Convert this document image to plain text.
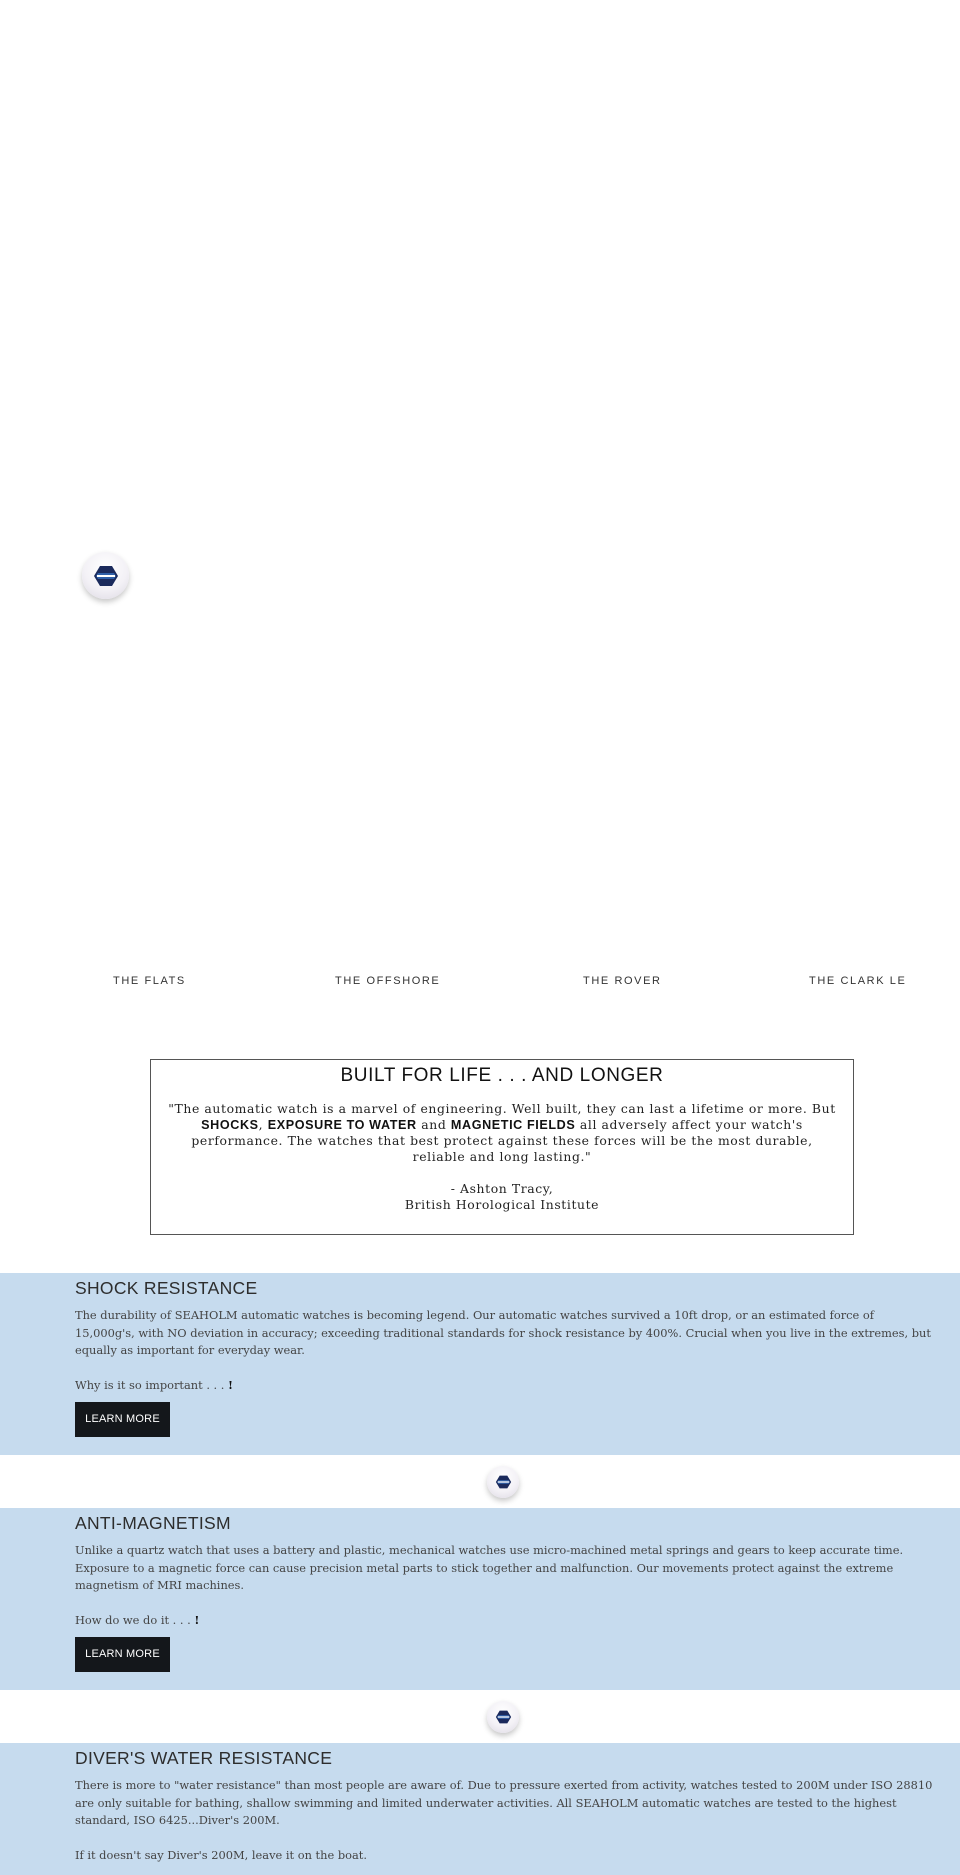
THE FLATS	THE OFFSHORE	THE ROVER	THE CLARK LE
BUILT FOR LIFE . . . AND LONGER
"The automatic watch is a marvel of engineering. Well built, they can last a lifetime or more. But
SHOCKS, EXPOSURE TO WATER and MAGNETIC FIELDS all adversely affect your watch's
performance. The watches that best protect against these forces will be the most durable,
reliable and long lasting."
- Ashton Tracy,
British Horological Institute
SHOCK RESISTANCE

The durability of SEAHOLM automatic watches is becoming legend. Our automatic watches survived a 10ft drop, or an estimated force of 15,000g's, with NO deviation in accuracy; exceeding traditional standards for shock resistance by 400%. Crucial when you live in the extremes, but equally as important for everyday wear.

Why is it so important . . . !

LEARN MORE
ANTI-MAGNETISM

Unlike a quartz watch that uses a battery and plastic, mechanical watches use micro-machined metal springs and gears to keep accurate time. Exposure to a magnetic force can cause precision metal parts to stick together and malfunction. Our movements protect against the extreme magnetism of MRI machines.

How do we do it . . . !

LEARN MORE
DIVER'S WATER RESISTANCE

There is more to "water resistance" than most people are aware of. Due to pressure exerted from activity, watches tested to 200M under ISO 28810 are only suitable for bathing, shallow swimming and limited underwater activities. All SEAHOLM automatic watches are tested to the highest standard, ISO 6425...Diver's 200M.

If it doesn't say Diver's 200M, leave it on the boat.
